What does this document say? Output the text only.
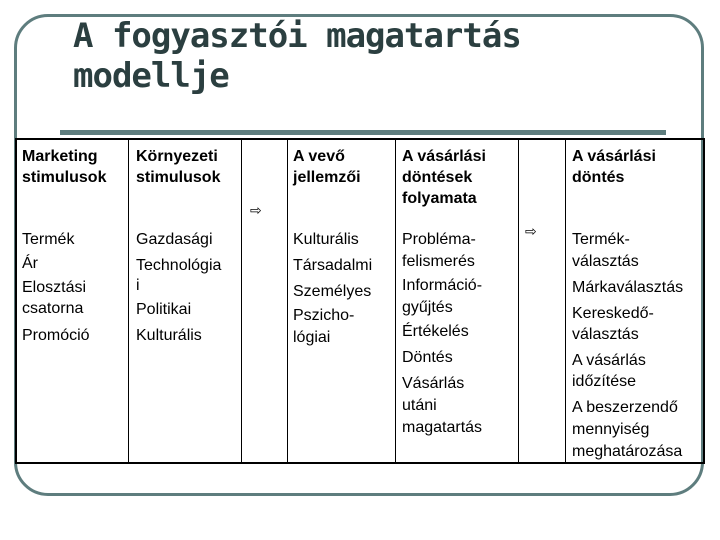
A fogyasztói magatartás
modellje
Marketing
stimulusok
Környezeti
stimulusok
A vevő
jellemzői
A vásárlási
döntések
folyamata
A vásárlási
döntés
⇨
⇨
Termék
Ár
Elosztási
csatorna
Promóció
Gazdasági
Technológia
i
Politikai
Kulturális
Kulturális
Társadalmi
Személyes
Pszicho-
lógiai
Probléma-
felismerés
Információ-
gyűjtés
Értékelés
Döntés
Vásárlás
utáni
magatartás
Termék-
választás
Márkaválasztás
Kereskedő-
választás
A vásárlás
időzítése
A beszerzendő
mennyiség
meghatározása
